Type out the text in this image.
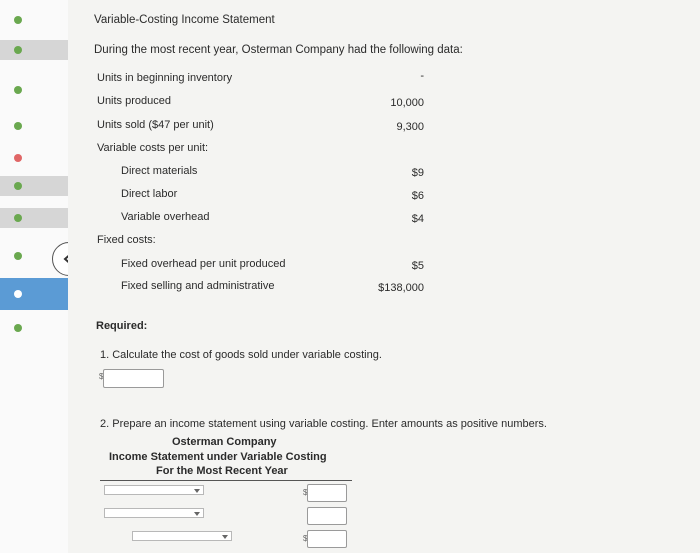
Variable-Costing Income Statement
During the most recent year, Osterman Company had the following data:
Units in beginning inventory	-
Units produced	10,000
Units sold ($47 per unit)	9,300
Variable costs per unit:
Direct materials	$9
Direct labor	$6
Variable overhead	$4
Fixed costs:
Fixed overhead per unit produced	$5
Fixed selling and administrative	$138,000
Required:
1. Calculate the cost of goods sold under variable costing.
$
2. Prepare an income statement using variable costing. Enter amounts as positive numbers.
Osterman Company
Income Statement under Variable Costing
For the Most Recent Year
$
$
